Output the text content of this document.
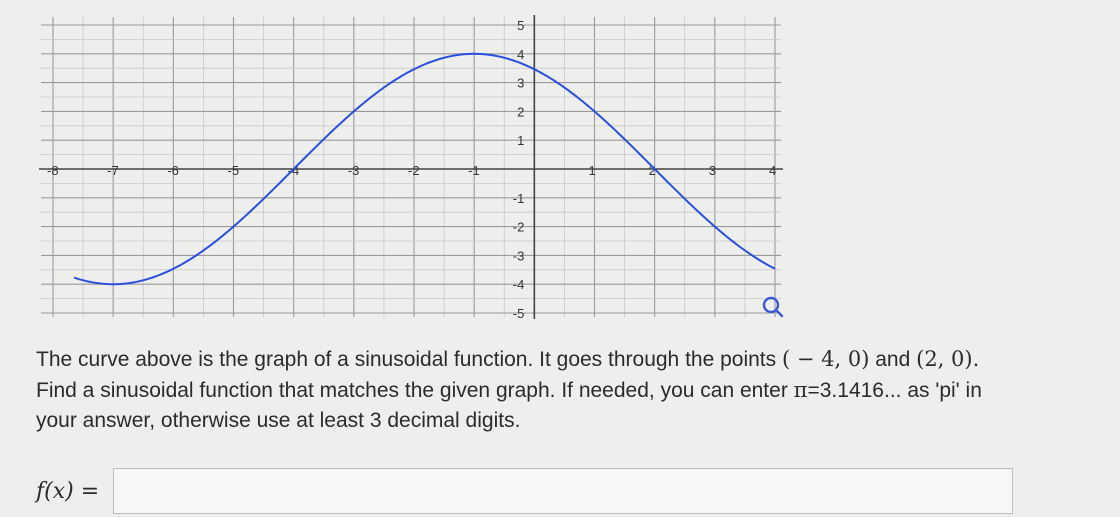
-8	-7	-6	-5	-4	-3	-2	-1	1	2	3	4
5
4
3
2
1
-1
-2
-3
-4
-5

The curve above is the graph of a sinusoidal function. It goes through the points ( − 4, 0) and (2, 0).

Find a sinusoidal function that matches the given graph. If needed, you can enter π=3.1416... as 'pi' in

your answer, otherwise use at least 3 decimal digits.

f(x) =
